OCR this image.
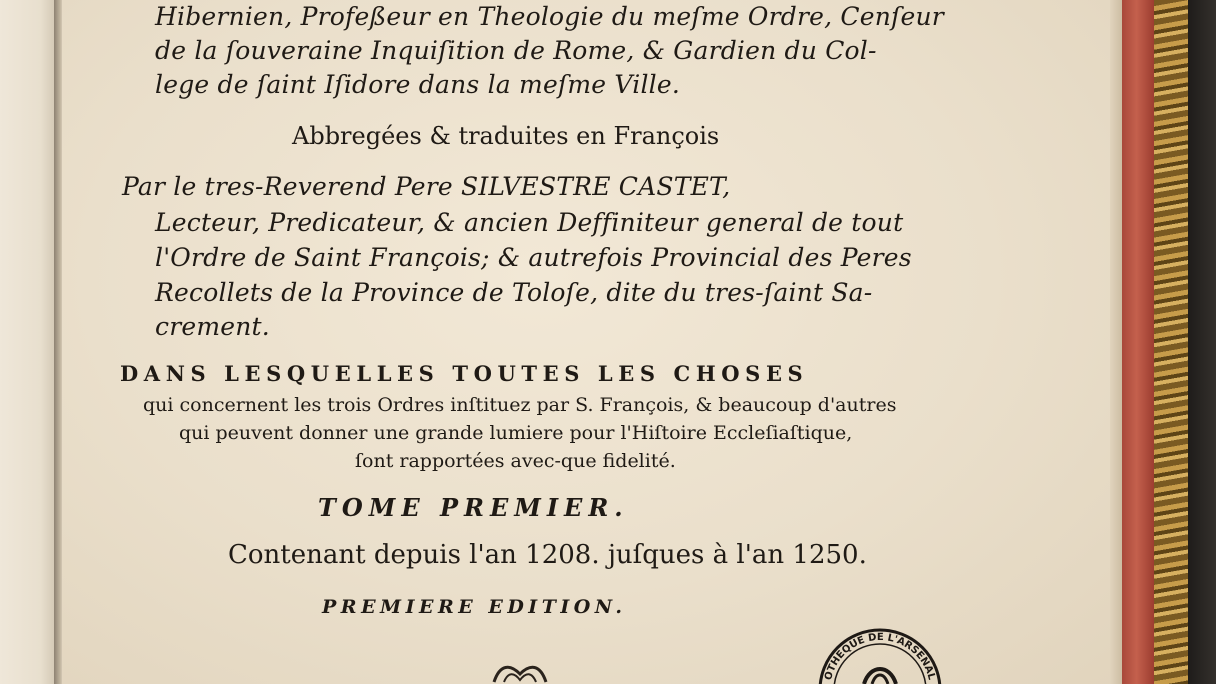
Hibernien, Profeßeur en Theologie du meſme Ordre, Cenſeur
de la ſouveraine Inquiſition de Rome, & Gardien du Col-
lege de ſaint Iſidore dans la meſme Ville.
Abbregées & traduites en François
Par le tres-Reverend Pere SILVESTRE CASTET,
Lecteur, Predicateur, & ancien Deffiniteur general de tout
l'Ordre de Saint François; & autrefois Provincial des Peres
Recollets de la Province de Toloſe, dite du tres-ſaint Sa-
crement.
DANS LESQUELLES TOUTES LES CHOSES
qui concernent les trois Ordres inſtituez par S. François, & beaucoup d'autres
qui peuvent donner une grande lumiere pour l'Hiſtoire Eccleſiaſtique,
ſont rapportées avec-que fidelité.
TOME PREMIER.
Contenant depuis l'an 1208. juſques à l'an 1250.
PREMIERE EDITION.
OTHEQUE DE L'ARSENAL
